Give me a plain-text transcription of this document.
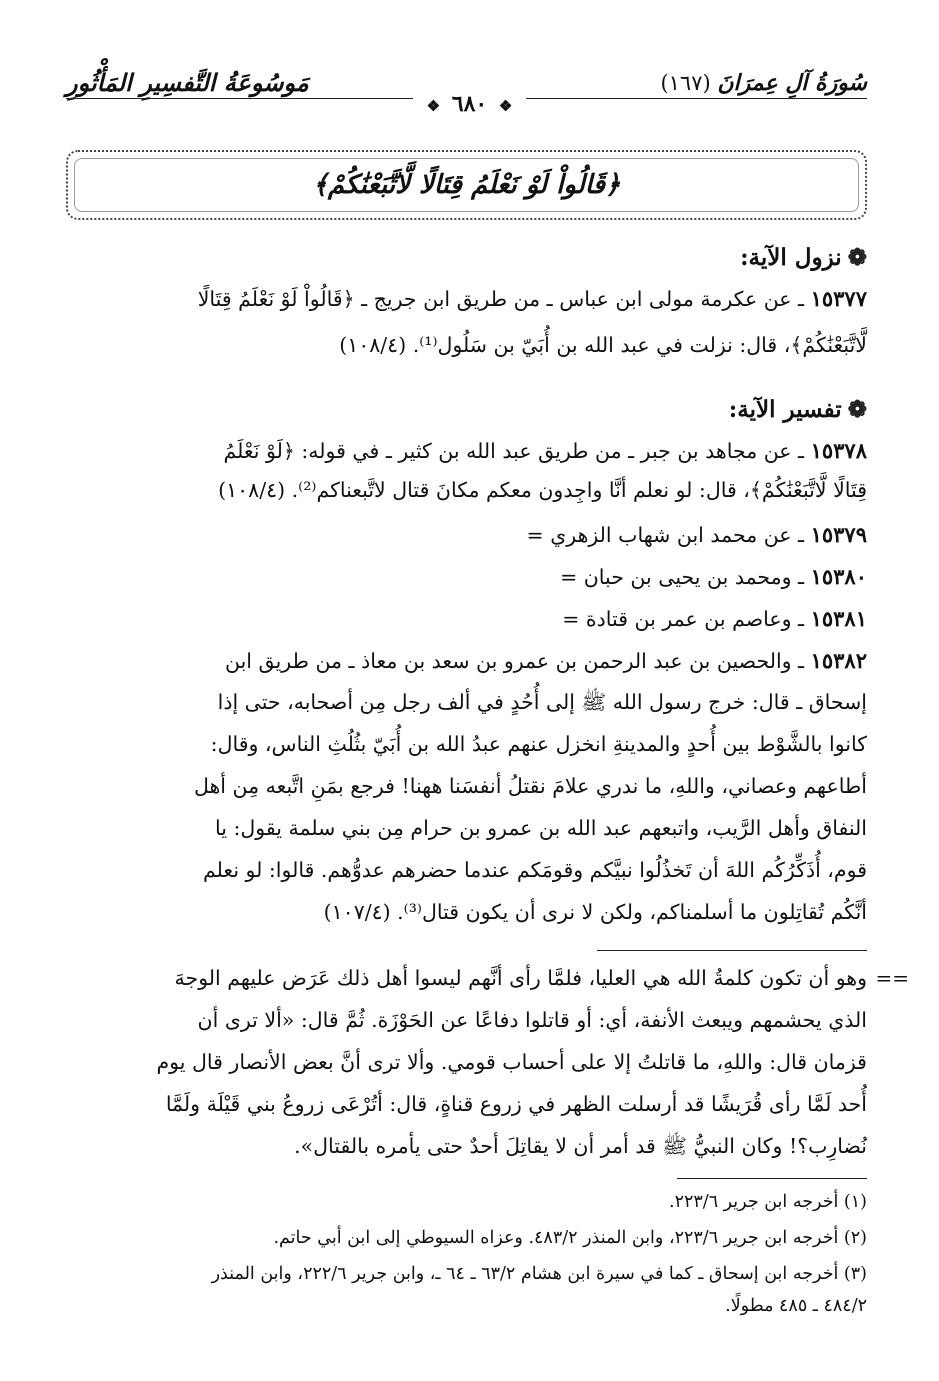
سُورَةُ آلِ عِمرَانَ (١٦٧)
مَوسُوعَةُ التَّفسِيرِ المَأْثُورِ
❖ ٦٨٠ ❖
﴿قَالُواْ لَوْ نَعْلَمُ قِتَالًا لَّاتَّبَعْنَٰكُمْ﴾
❁نزول الآية:
١٥٣٧٧ ـ عن عكرمة مولى ابن عباس ـ من طريق ابن جريج ـ ﴿قَالُواْ لَوْ نَعْلَمُ قِتَالًا
لَّاتَّبَعْنَٰكُمْ﴾، قال: نزلت في عبد الله بن أُبَيّ بن سَلُول⁽¹⁾. (١٠٨/٤)
❁تفسير الآية:
١٥٣٧٨ ـ عن مجاهد بن جبر ـ من طريق عبد الله بن كثير ـ في قوله: ﴿لَوْ نَعْلَمُ
قِتَالًا لَّاتَّبَعْنَٰكُمْ﴾، قال: لو نعلم أنَّا واجِدون معكم مكانَ قتال لاتَّبعناكم⁽²⁾. (١٠٨/٤)
١٥٣٧٩ ـ عن محمد ابن شهاب الزهري =
١٥٣٨٠ ـ ومحمد بن يحيى بن حبان =
١٥٣٨١ ـ وعاصم بن عمر بن قتادة =
١٥٣٨٢ ـ والحصين بن عبد الرحمن بن عمرو بن سعد بن معاذ ـ من طريق ابن
إسحاق ـ قال: خرج رسول الله ﷺ إلى أُحُدٍ في ألف رجل مِن أصحابه، حتى إذا
كانوا بالشَّوْط بين أُحدٍ والمدينةِ انخزل عنهم عبدُ الله بن أُبَيّ بثُلُثِ الناس، وقال:
أطاعهم وعصاني، واللهِ، ما ندري علامَ نقتلُ أنفسَنا ههنا! فرجع بمَنِ اتَّبعه مِن أهل
النفاق وأهل الرَّيب، واتبعهم عبد الله بن عمرو بن حرام مِن بني سلمة يقول: يا
قوم، أُذَكِّرُكُم اللهَ أن تَخذُلُوا نبيَّكم وقومَكم عندما حضرهم عدوُّهم. قالوا: لو نعلم
أنَّكُم تُقاتِلون ما أسلمناكم، ولكن لا نرى أن يكون قتال⁽³⁾. (١٠٧/٤)
==
وهو أن تكون كلمةُ الله هي العليا، فلمَّا رأى أنَّهم ليسوا أهل ذلك عَرَض عليهم الوجهَ
الذي يحشمهم ويبعث الأنفة، أي: أو قاتلوا دفاعًا عن الحَوْزَة. ثُمَّ قال: «ألا ترى أن
قزمان قال: واللهِ، ما قاتلتُ إلا على أحساب قومي. وألا ترى أنَّ بعض الأنصار قال يوم
أُحد لَمَّا رأى قُرَيشًا قد أرسلت الظهر في زروع قناةٍ، قال: أتُرْعَى زروعُ بني قَيْلَة ولَمَّا
نُضارِب؟! وكان النبيُّ ﷺ قد أمر أن لا يقاتِلَ أحدٌ حتى يأمره بالقتال».
(١) أخرجه ابن جرير ٢٢٣/٦.
(٢) أخرجه ابن جرير ٢٢٣/٦، وابن المنذر ٤٨٣/٢. وعزاه السيوطي إلى ابن أبي حاتم.
(٣) أخرجه ابن إسحاق ـ كما في سيرة ابن هشام ٦٣/٢ ـ ٦٤ ـ، وابن جرير ٢٢٢/٦، وابن المنذر
٤٨٤/٢ ـ ٤٨٥ مطولًا.
